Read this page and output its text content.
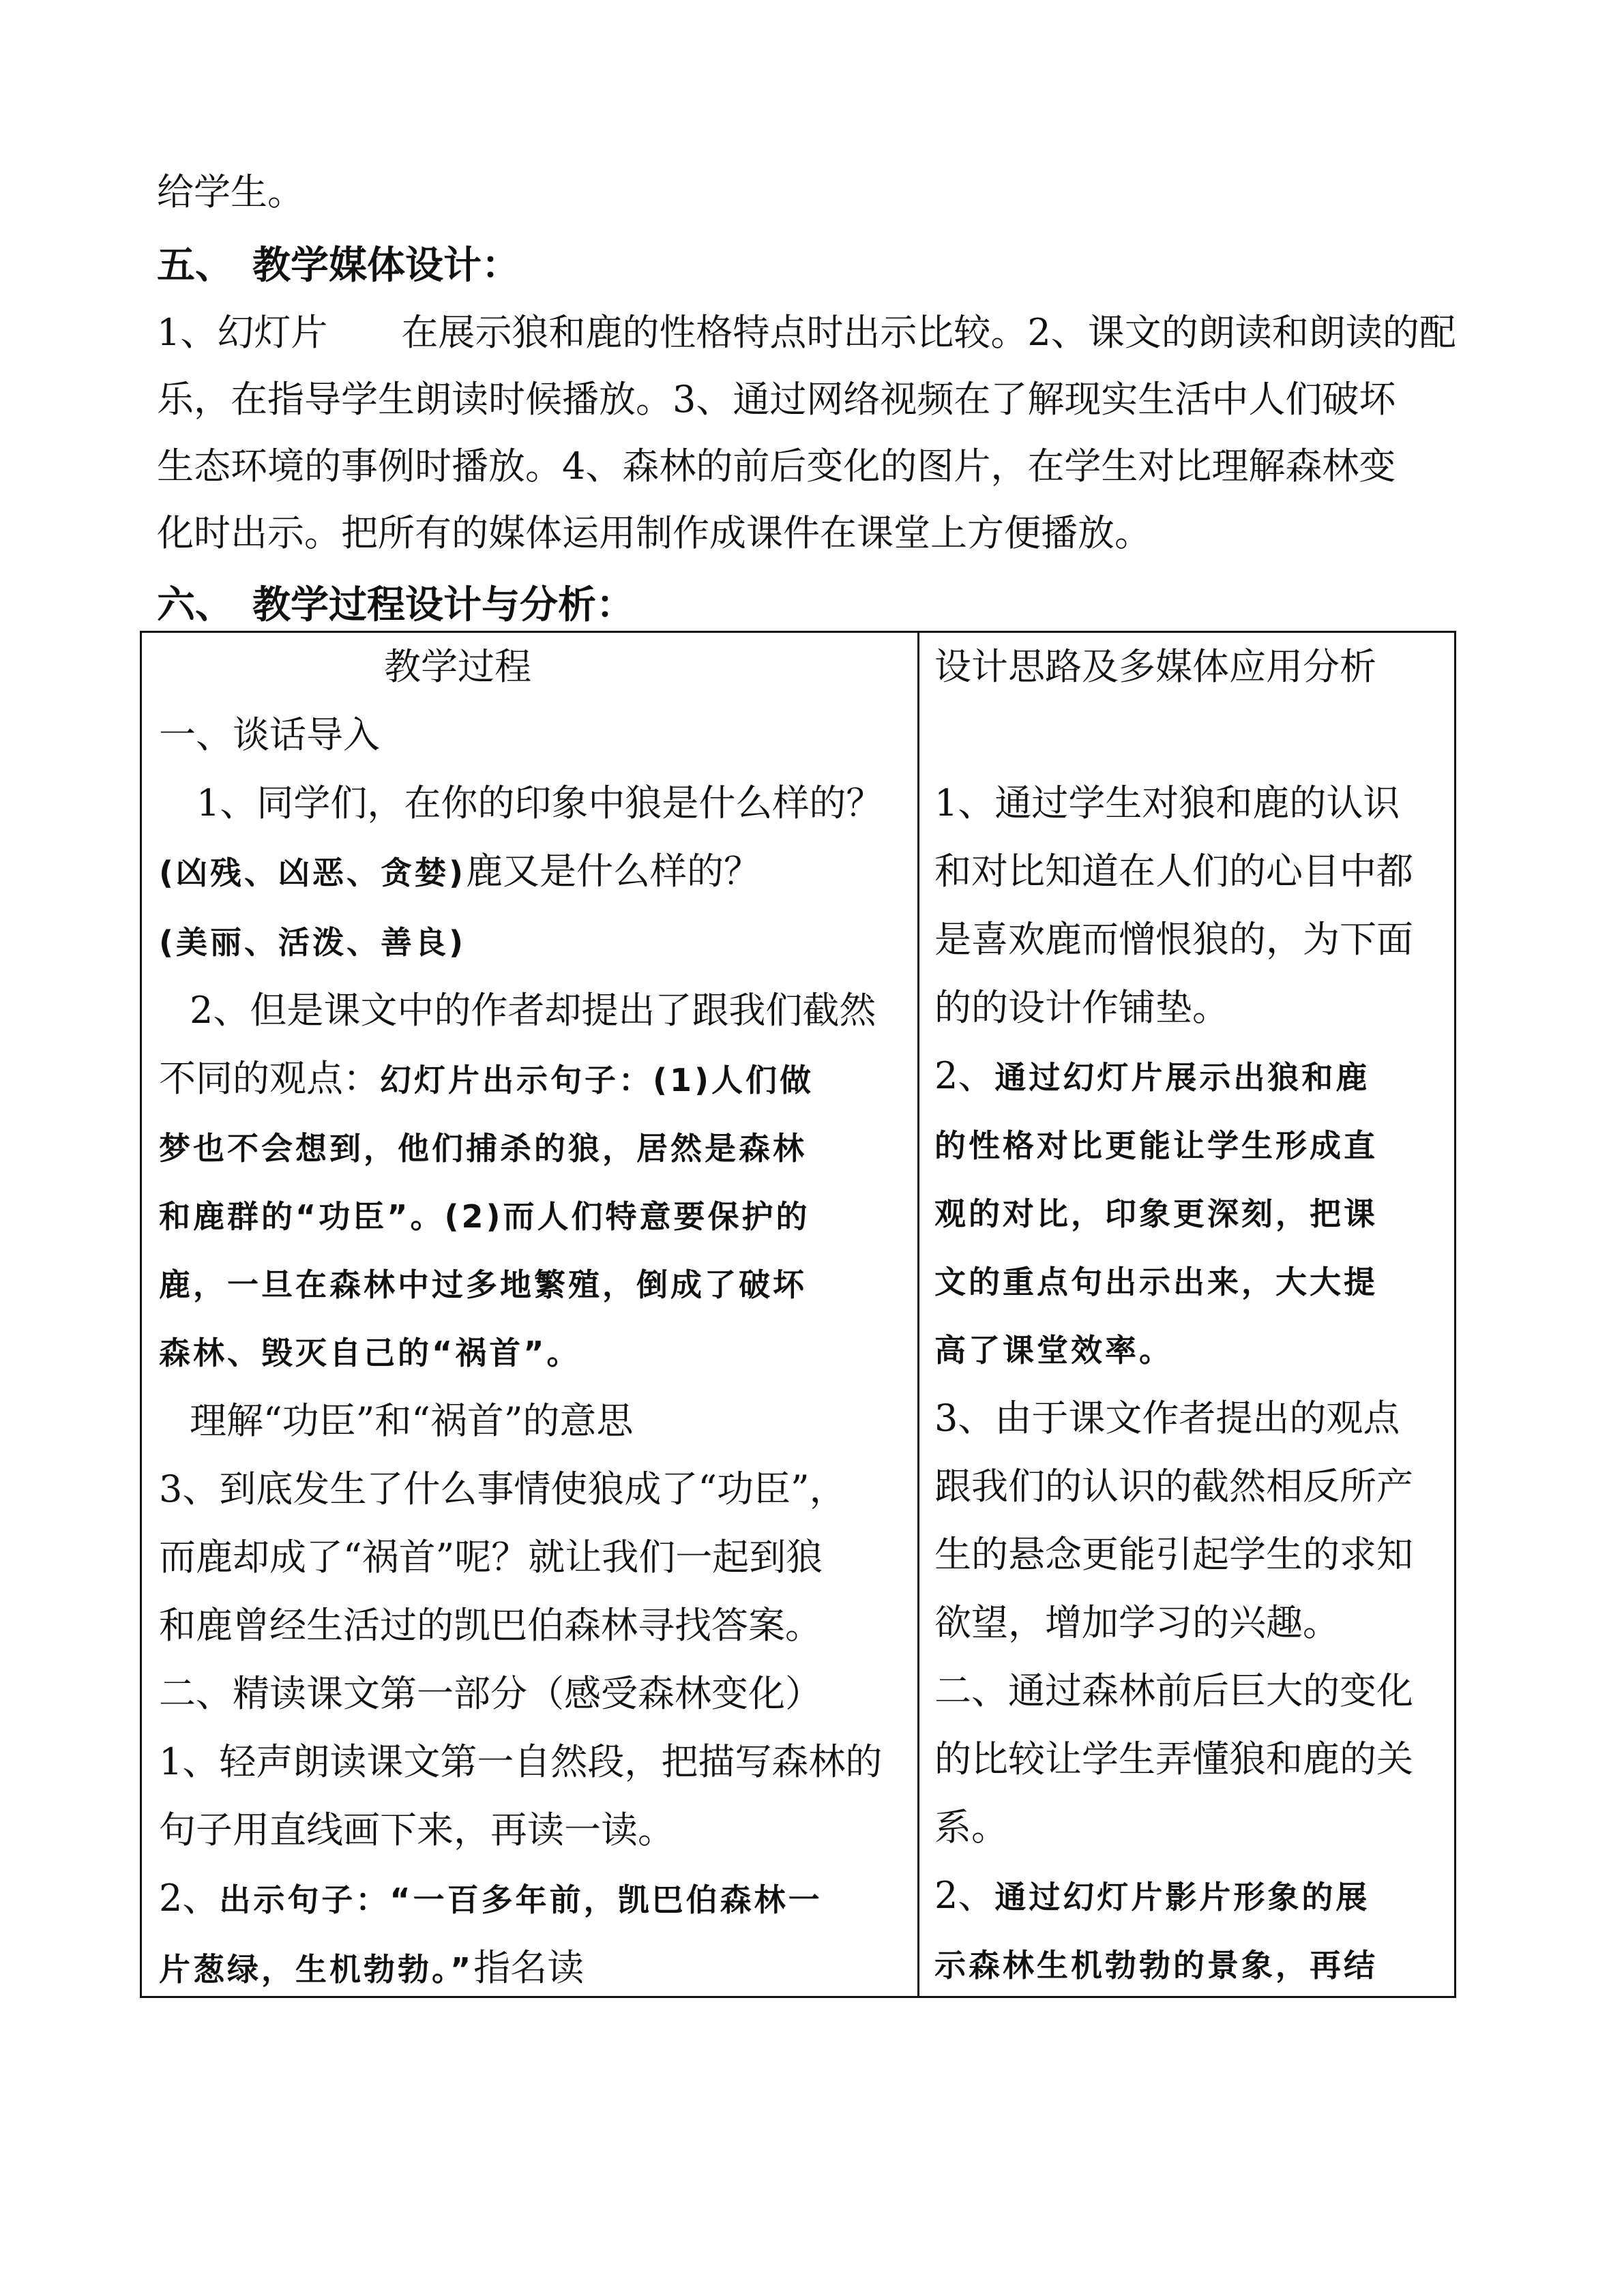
给学生。

五、 教学媒体设计：

1、幻灯片　　在展示狼和鹿的性格特点时出示比较。2、课文的朗读和朗读的配

乐，在指导学生朗读时候播放。3、通过网络视频在了解现实生活中人们破坏

生态环境的事例时播放。4、森林的前后变化的图片，在学生对比理解森林变

化时出示。把所有的媒体运用制作成课件在课堂上方便播放。

六、 教学过程设计与分析：

教学过程

一、谈话导入

1、同学们，在你的印象中狼是什么样的？

(凶残、凶恶、贪婪)鹿又是什么样的？

(美丽、活泼、善良)

2、但是课文中的作者却提出了跟我们截然

不同的观点：幻灯片出示句子：(1)人们做

梦也不会想到，他们捕杀的狼，居然是森林

和鹿群的“功臣”。(2)而人们特意要保护的

鹿，一旦在森林中过多地繁殖，倒成了破坏

森林、毁灭自己的“祸首”。

理解“功臣”和“祸首”的意思

3、到底发生了什么事情使狼成了“功臣”，

而鹿却成了“祸首”呢？就让我们一起到狼

和鹿曾经生活过的凯巴伯森林寻找答案。

二、精读课文第一部分（感受森林变化）

1、轻声朗读课文第一自然段，把描写森林的

句子用直线画下来，再读一读。

2、出示句子：“一百多年前，凯巴伯森林一

片葱绿，生机勃勃。”指名读

设计思路及多媒体应用分析

1、通过学生对狼和鹿的认识

和对比知道在人们的心目中都

是喜欢鹿而憎恨狼的，为下面

的的设计作铺垫。

2、通过幻灯片展示出狼和鹿

的性格对比更能让学生形成直

观的对比，印象更深刻，把课

文的重点句出示出来，大大提

高了课堂效率。

3、由于课文作者提出的观点

跟我们的认识的截然相反所产

生的悬念更能引起学生的求知

欲望，增加学习的兴趣。

二、通过森林前后巨大的变化

的比较让学生弄懂狼和鹿的关

系。

2、通过幻灯片影片形象的展

示森林生机勃勃的景象，再结
